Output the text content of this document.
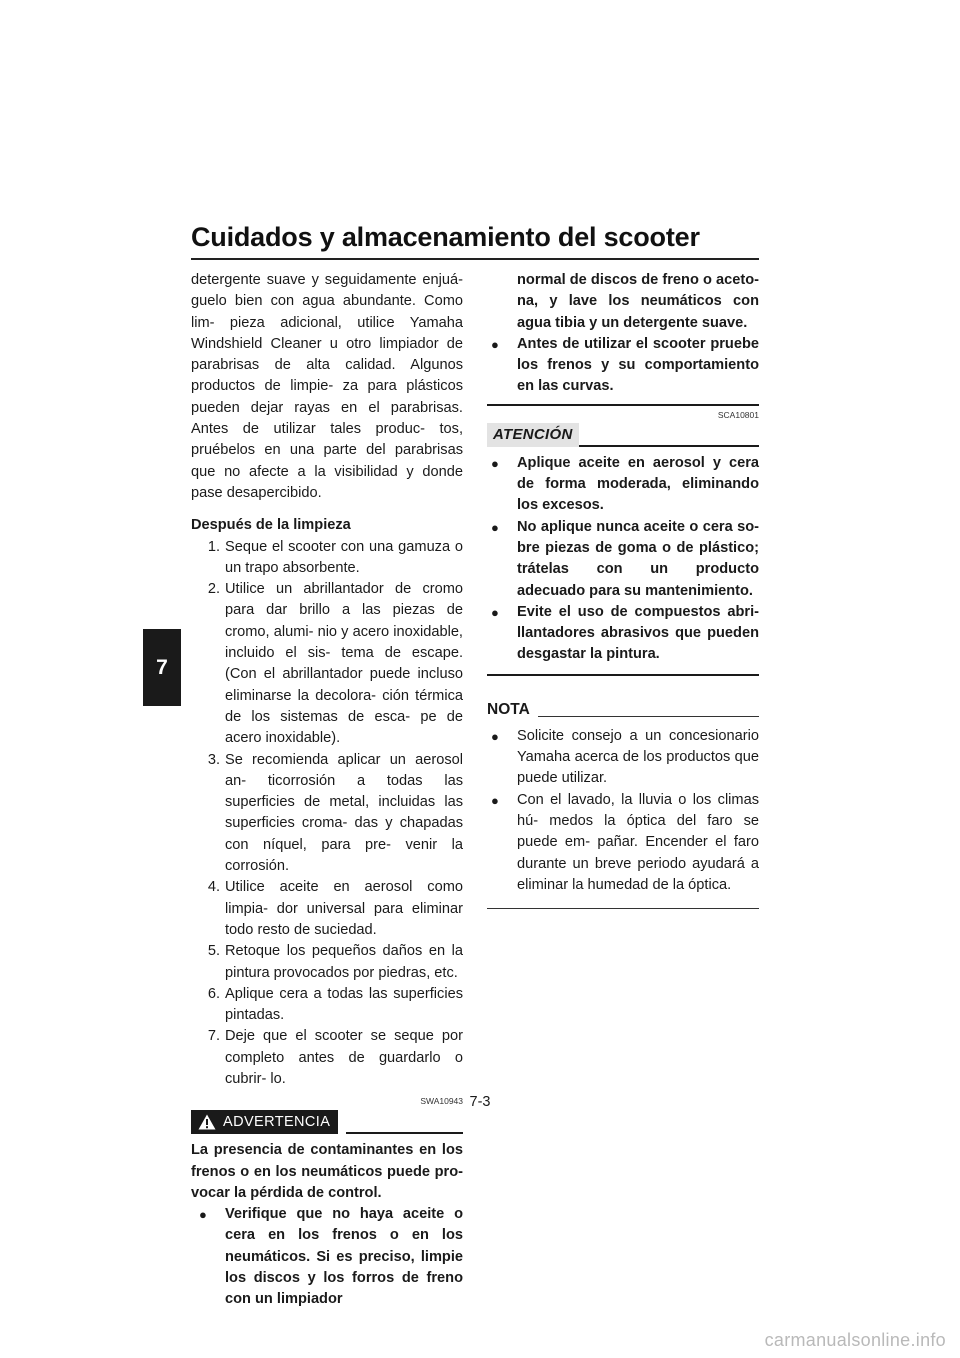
Cuidados y almacenamiento del scooter
7

detergente suave y seguidamente enjuá- guelo bien con agua abundante. Como lim- pieza adicional, utilice Yamaha Windshield Cleaner u otro limpiador de parabrisas de alta calidad. Algunos productos de limpie- za para plásticos pueden dejar rayas en el parabrisas. Antes de utilizar tales produc- tos, pruébelos en una parte del parabrisas que no afecte a la visibilidad y donde pase desapercibido.

Después de la limpieza

1. Seque el scooter con una gamuza o un trapo absorbente.
2. Utilice un abrillantador de cromo para dar brillo a las piezas de cromo, alumi- nio y acero inoxidable, incluido el sis- tema de escape. (Con el abrillantador puede incluso eliminarse la decolora- ción térmica de los sistemas de esca- pe de acero inoxidable).
3. Se recomienda aplicar un aerosol an- ticorrosión a todas las superficies de metal, incluidas las superficies croma- das y chapadas con níquel, para pre- venir la corrosión.
4. Utilice aceite en aerosol como limpia- dor universal para eliminar todo resto de suciedad.
5. Retoque los pequeños daños en la pintura provocados por piedras, etc.
6. Aplique cera a todas las superficies pintadas.
7. Deje que el scooter se seque por completo antes de guardarlo o cubrir- lo.
SWA10943
ADVERTENCIA

La presencia de contaminantes en los frenos o en los neumáticos puede pro- vocar la pérdida de control.

●	Verifique que no haya aceite o cera en los frenos o en los neumáticos. Si es preciso, limpie los discos y los forros de freno con un limpiador
normal de discos de freno o aceto- na, y lave los neumáticos con agua tibia y un detergente suave.
●	Antes de utilizar el scooter pruebe los frenos y su comportamiento en las curvas.
SCA10801
ATENCIÓN
●	Aplique aceite en aerosol y cera de forma moderada, eliminando los excesos.
●	No aplique nunca aceite o cera so- bre piezas de goma o de plástico; trátelas con un producto adecuado para su mantenimiento.
●	Evite el uso de compuestos abri- llantadores abrasivos que pueden desgastar la pintura.
NOTA
●	Solicite consejo a un concesionario Yamaha acerca de los productos que puede utilizar.
●	Con el lavado, la lluvia o los climas hú- medos la óptica del faro se puede em- pañar. Encender el faro durante un breve periodo ayudará a eliminar la humedad de la óptica.
7-3
carmanualsonline.info
